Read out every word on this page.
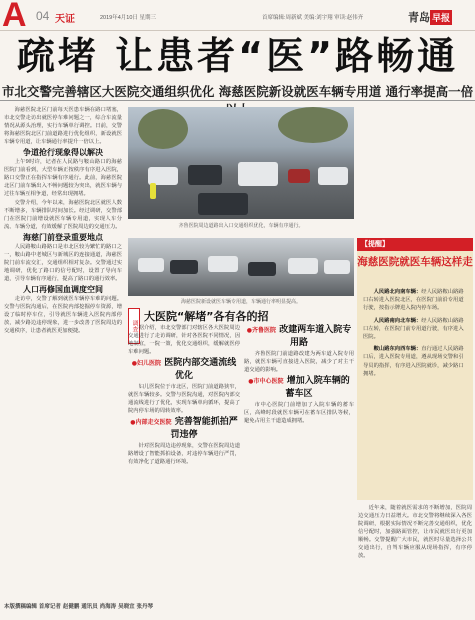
A 04 天证	2019年4月10日 星期三	首席编辑:周新斌 美编:刘宇翔 审读:赵伟齐	青岛 早报
疏堵 让患者“医”路畅通
市北交警完善辖区大医院交通组织优化 海慈医院新设就医车辆专用道 通行率提高一倍

海慈医院北区门前每天医患车辆在路口堵塞，市北交警走访出就医停车难问题之一，综合车流量情况从源头治理，实行车辆单行调控。日前，交警将海慈医院北区门前道路进行优化组织，新设就医车辆专用道，让车辆通行率提升一倍以上。

争道抢行现象得以解决

上午9时许，记者在人民路与鞍山路口的海慈医院门前看到，大型车辆正按秩序有序进入医院，路口交警正在指挥车辆有序通行。此前，海慈医院北区门前车辆出入不畅问题较为突出，就医车辆与过往车辆互相争道，经常出现拥堵。

交警介绍，今年以来，海慈医院北区就医人数不断增多，车辆排队时间加长。经过调研，交警部门在医院门前增设就医车辆专用道，实现人车分流、车辆分道，有效缓解了医院周边的交通压力。

海慈门前登录重要地点

人民路鞍山路路口是市北区较为繁忙的路口之一，鞍山路中老城区与新城区的连接通道，海慈医院门前车流交汇，交通组织相对复杂。交警通过实地调研，优化了路口的信号配时，设置了导向车道，引导车辆有序通行，提高了路口的通行效率。

人口再修国血调度空间

走访中，交警了解到就医车辆停车难的问题。交警与医院沟通后，在医院内部挖掘停车资源，增设了临时停车位，引导就医车辆进入医院内部停放，减少路边违停现象，进一步改善了医院周边的交通秩序，让患者就医更加便捷。

齐鲁医院周边道路出入口交通组织优化，车辆有序通行。
海慈医院新设就医车辆专用道，车辆通行率明显提高。
【提醒】
海慈医院就医车辆这样走

人民路北向南车辆：经人民路鞍山路路口右转进入医院北区，在医院门前沿专用道行驶，按指示牌进入院内停车场。

人民路南向北车辆：经人民路鞍山路路口左转，在医院门前专用道行驶，有序进入医院。

鞍山路东向西车辆：直行通过人民路路口后，进入医院专用道，遵从现场交警和引导员的指挥，有序进入医院就诊，减少路口拥堵。

调查
大医院“解堵”各有各的招

据介绍，市北交警部门对辖区各大医院周边交通进行了走访调研，针对各医院不同情况，因地制宜，一院一策，优化交通组织，缓解就医停车难问题。

●妇儿医院 医院内部交通流线优化

妇儿医院位于市北区，医院门前道路狭窄，就医车辆较多。交警与医院沟通，对医院内部交通流线进行了优化，实现车辆单向循环，提高了院内停车场的周转效率。

●内部走交医院 完善智能抓拍严罚违停

针对医院周边违停现象，交警在医院周边道路增设了智能抓拍设备，对违停车辆进行严罚，有效净化了道路通行环境。

●齐鲁医院 改建两车道入院专用路

齐鲁医院门前道路改建为两车道入院专用路，就医车辆可直接进入医院，减少了对主干道交通的影响。

●市中心医院 增加入院车辆的蓄车区

市中心医院门前增加了入院车辆的蓄车区，高峰时段就医车辆可在蓄车区排队等候，避免占用主干道造成拥堵。

近年来，随着就医需求的不断增加，医院周边交通压力日益增大。市北交警将继续深入各医院调研，根据实际情况不断完善交通组织，优化信号配时，加强路面管控，让市民就医出行更加顺畅。交警提醒广大市民，就医时尽量选择公共交通出行，自驾车辆应服从现场指挥，有序停放。

本版撰稿编辑 首席记者 赵健鹏 通讯员 尚海涛 吴晓宜 张丹琴
